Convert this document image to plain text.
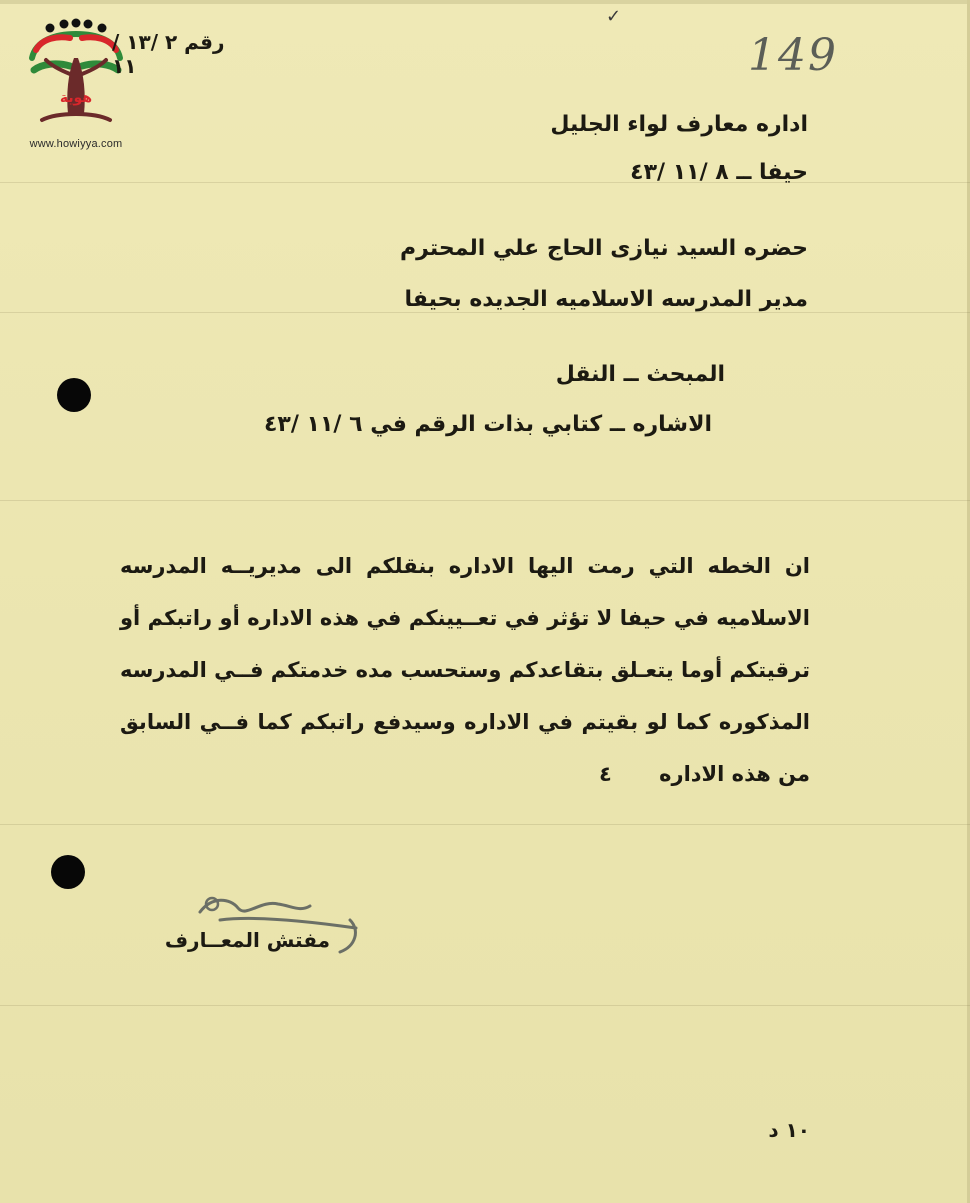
هوية
www.howiyya.com
✓
رقم ٢ /١٣ /١١	149
اداره معارف لواء الجليل
حيفا ــ ٨ /١١ /٤٣
حضره السيد نيازى الحاج علي المحترم
مدير المدرسه الاسلاميه الجديده بحيفا
المبحث ــ النقل
الاشاره ــ كتابي بذات الرقم في ٦ /١١ /٤٣
ان الخطه التي رمت اليها الاداره بنقلكم الى مديريــه المدرسه الاسلاميه في حيفا لا تؤثر في تعــيينكم في هذه الاداره أو راتبكم أو ترقيتكم أوما يتعـلق بتقاعدكم وستحسب مده خدمتكم فــي المدرسه المذكوره كما لو بقيتم في الاداره وسيدفع راتبكم كما فــي السابق من هذه الاداره ٤
مفتش المعــارف
١٠ د
